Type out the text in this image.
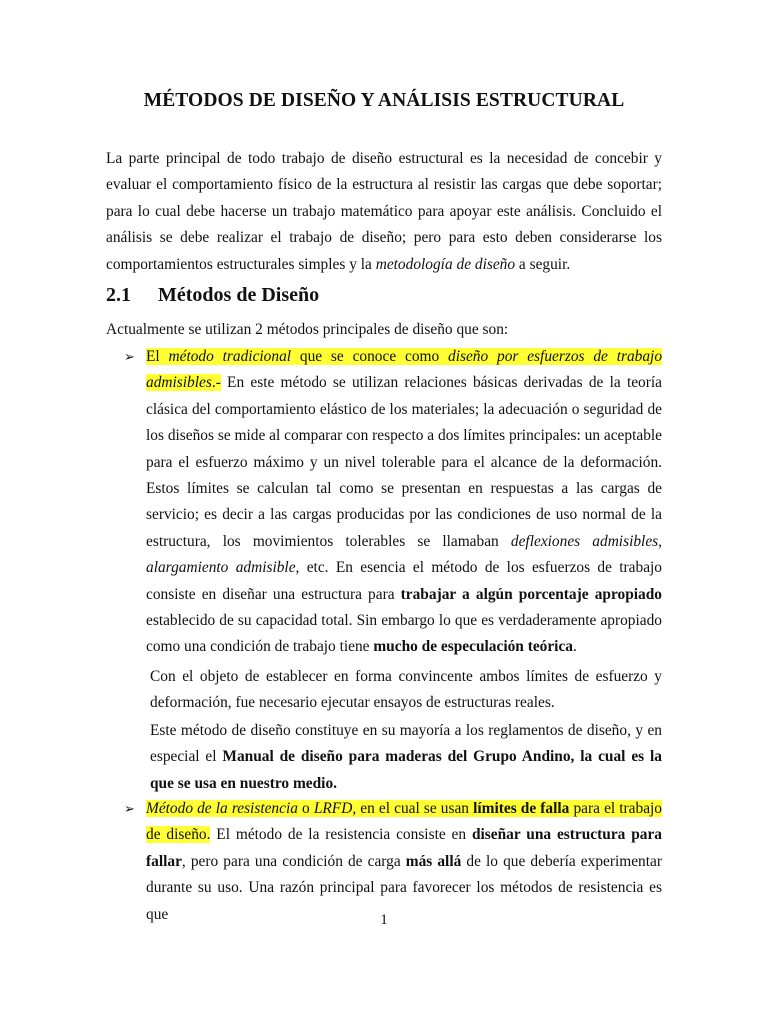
MÉTODOS DE DISEÑO Y ANÁLISIS ESTRUCTURAL
La parte principal de todo trabajo de diseño estructural es la necesidad de concebir y evaluar el comportamiento físico de la estructura al resistir las cargas que debe soportar; para lo cual debe hacerse un trabajo matemático para apoyar este análisis. Concluido el análisis se debe realizar el trabajo de diseño; pero para esto deben considerarse los comportamientos estructurales simples y la metodología de diseño a seguir.
2.1 Métodos de Diseño
Actualmente se utilizan 2 métodos principales de diseño que son:
➢ El método tradicional que se conoce como diseño por esfuerzos de trabajo admisibles.- En este método se utilizan relaciones básicas derivadas de la teoría clásica del comportamiento elástico de los materiales; la adecuación o seguridad de los diseños se mide al comparar con respecto a dos límites principales: un aceptable para el esfuerzo máximo y un nivel tolerable para el alcance de la deformación. Estos límites se calculan tal como se presentan en respuestas a las cargas de servicio; es decir a las cargas producidas por las condiciones de uso normal de la estructura, los movimientos tolerables se llamaban deflexiones admisibles, alargamiento admisible, etc. En esencia el método de los esfuerzos de trabajo consiste en diseñar una estructura para trabajar a algún porcentaje apropiado establecido de su capacidad total. Sin embargo lo que es verdaderamente apropiado como una condición de trabajo tiene mucho de especulación teórica.
Con el objeto de establecer en forma convincente ambos límites de esfuerzo y deformación, fue necesario ejecutar ensayos de estructuras reales.
Este método de diseño constituye en su mayoría a los reglamentos de diseño, y en especial el Manual de diseño para maderas del Grupo Andino, la cual es la que se usa en nuestro medio.
➢ Método de la resistencia o LRFD, en el cual se usan límites de falla para el trabajo de diseño. El método de la resistencia consiste en diseñar una estructura para fallar, pero para una condición de carga más allá de lo que debería experimentar durante su uso. Una razón principal para favorecer los métodos de resistencia es que	1
